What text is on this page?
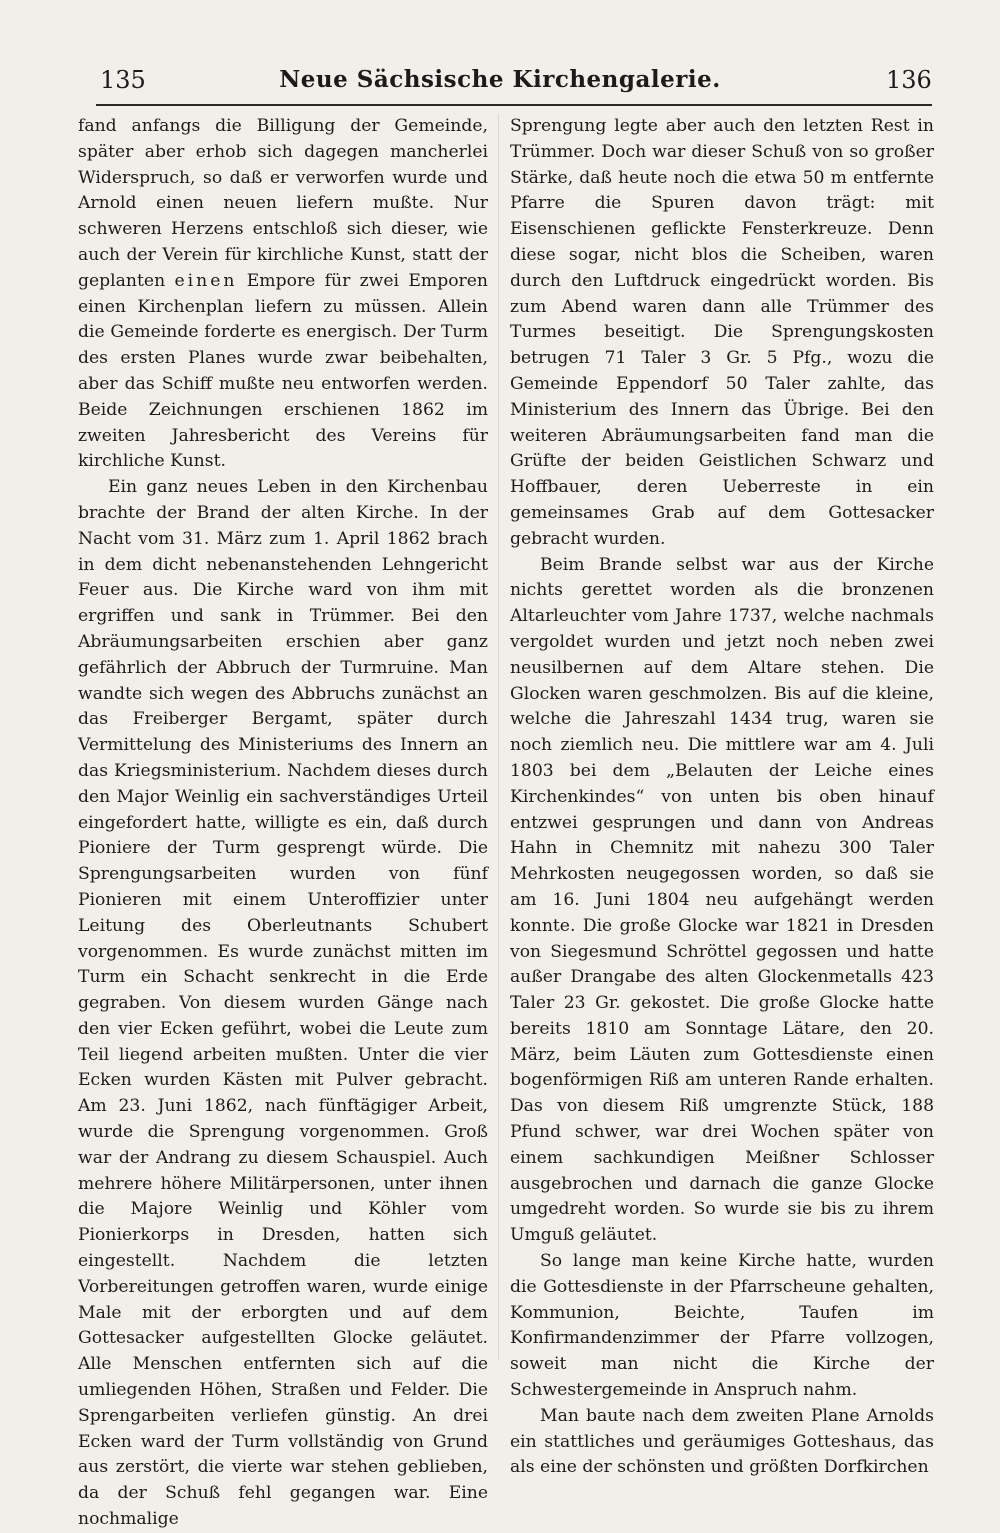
135	Neue Sächsische Kirchengalerie.	136

fand anfangs die Billigung der Gemeinde, später aber erhob sich dagegen mancherlei Widerspruch, so daß er verworfen wurde und Arnold einen neuen liefern mußte. Nur schweren Herzens entschloß sich dieser, wie auch der Verein für kirchliche Kunst, statt der geplanten einen Empore für zwei Emporen einen Kirchenplan liefern zu müssen. Allein die Gemeinde forderte es energisch. Der Turm des ersten Planes wurde zwar beibehalten, aber das Schiff mußte neu entworfen werden. Beide Zeichnungen erschienen 1862 im zweiten Jahresbericht des Vereins für kirchliche Kunst.

Ein ganz neues Leben in den Kirchenbau brachte der Brand der alten Kirche. In der Nacht vom 31. März zum 1. April 1862 brach in dem dicht nebenanstehenden Lehngericht Feuer aus. Die Kirche ward von ihm mit ergriffen und sank in Trümmer. Bei den Abräumungsarbeiten erschien aber ganz gefährlich der Abbruch der Turmruine. Man wandte sich wegen des Abbruchs zunächst an das Freiberger Bergamt, später durch Vermittelung des Ministeriums des Innern an das Kriegsministerium. Nachdem dieses durch den Major Weinlig ein sachverständiges Urteil eingefordert hatte, willigte es ein, daß durch Pioniere der Turm gesprengt würde. Die Sprengungsarbeiten wurden von fünf Pionieren mit einem Unteroffizier unter Leitung des Oberleutnants Schubert vorgenommen. Es wurde zunächst mitten im Turm ein Schacht senkrecht in die Erde gegraben. Von diesem wurden Gänge nach den vier Ecken geführt, wobei die Leute zum Teil liegend arbeiten mußten. Unter die vier Ecken wurden Kästen mit Pulver gebracht. Am 23. Juni 1862, nach fünftägiger Arbeit, wurde die Sprengung vorgenommen. Groß war der Andrang zu diesem Schauspiel. Auch mehrere höhere Militärpersonen, unter ihnen die Majore Weinlig und Köhler vom Pionierkorps in Dresden, hatten sich eingestellt. Nachdem die letzten Vorbereitungen getroffen waren, wurde einige Male mit der erborgten und auf dem Gottesacker aufgestellten Glocke geläutet. Alle Menschen entfernten sich auf die umliegenden Höhen, Straßen und Felder. Die Sprengarbeiten verliefen günstig. An drei Ecken ward der Turm vollständig von Grund aus zerstört, die vierte war stehen geblieben, da der Schuß fehl gegangen war. Eine nochmalige

Sprengung legte aber auch den letzten Rest in Trümmer. Doch war dieser Schuß von so großer Stärke, daß heute noch die etwa 50 m entfernte Pfarre die Spuren davon trägt: mit Eisenschienen geflickte Fensterkreuze. Denn diese sogar, nicht blos die Scheiben, waren durch den Luftdruck eingedrückt worden. Bis zum Abend waren dann alle Trümmer des Turmes beseitigt. Die Sprengungskosten betrugen 71 Taler 3 Gr. 5 Pfg., wozu die Gemeinde Eppendorf 50 Taler zahlte, das Ministerium des Innern das Übrige. Bei den weiteren Abräumungsarbeiten fand man die Grüfte der beiden Geistlichen Schwarz und Hoffbauer, deren Ueberreste in ein gemeinsames Grab auf dem Gottesacker gebracht wurden.

Beim Brande selbst war aus der Kirche nichts gerettet worden als die bronzenen Altarleuchter vom Jahre 1737, welche nachmals vergoldet wurden und jetzt noch neben zwei neusilbernen auf dem Altare stehen. Die Glocken waren geschmolzen. Bis auf die kleine, welche die Jahreszahl 1434 trug, waren sie noch ziemlich neu. Die mittlere war am 4. Juli 1803 bei dem „Belauten der Leiche eines Kirchenkindes“ von unten bis oben hinauf entzwei gesprungen und dann von Andreas Hahn in Chemnitz mit nahezu 300 Taler Mehrkosten neugegossen worden, so daß sie am 16. Juni 1804 neu aufgehängt werden konnte. Die große Glocke war 1821 in Dresden von Siegesmund Schröttel gegossen und hatte außer Drangabe des alten Glockenmetalls 423 Taler 23 Gr. gekostet. Die große Glocke hatte bereits 1810 am Sonntage Lätare, den 20. März, beim Läuten zum Gottesdienste einen bogenförmigen Riß am unteren Rande erhalten. Das von diesem Riß umgrenzte Stück, 188 Pfund schwer, war drei Wochen später von einem sachkundigen Meißner Schlosser ausgebrochen und darnach die ganze Glocke umgedreht worden. So wurde sie bis zu ihrem Umguß geläutet.

So lange man keine Kirche hatte, wurden die Gottesdienste in der Pfarrscheune gehalten, Kommunion, Beichte, Taufen im Konfirmandenzimmer der Pfarre vollzogen, soweit man nicht die Kirche der Schwestergemeinde in Anspruch nahm.

Man baute nach dem zweiten Plane Arnolds ein stattliches und geräumiges Gotteshaus, das als eine der schönsten und größten Dorfkirchen
